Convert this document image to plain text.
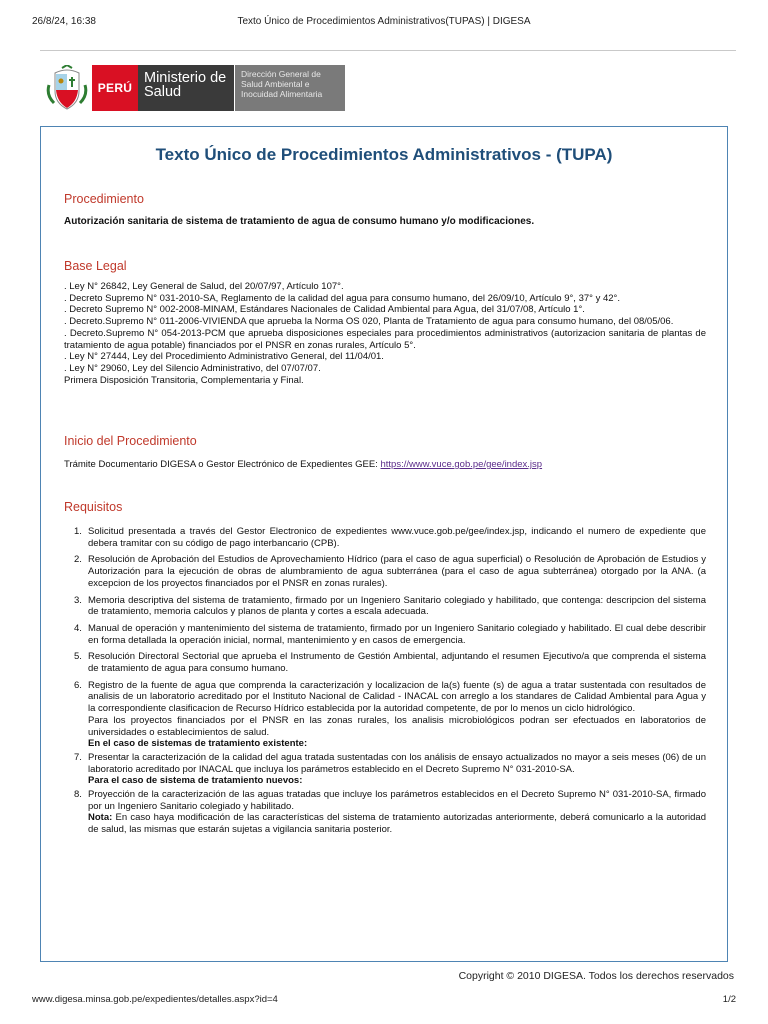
26/8/24, 16:38	Texto Único de Procedimientos Administrativos(TUPAS) | DIGESA
PERÚ
Ministerio de Salud
Dirección General de Salud Ambiental e Inocuidad Alimentaria
Texto Único de Procedimientos Administrativos - (TUPA)
Procedimiento
Autorización sanitaria de sistema de tratamiento de agua de consumo humano y/o modificaciones.
Base Legal
. Ley N° 26842, Ley General de Salud, del 20/07/97, Artículo 107°.
. Decreto Supremo N° 031-2010-SA, Reglamento de la calidad del agua para consumo humano, del 26/09/10, Artículo 9°, 37° y 42°.
. Decreto Supremo N° 002-2008-MINAM, Estándares Nacionales de Calidad Ambiental para Agua, del 31/07/08, Artículo 1°.
. Decreto.Supremo N° 011-2006-VIVIENDA que aprueba la Norma OS 020, Planta de Tratamiento de agua para consumo humano, del 08/05/06.
. Decreto.Supremo N° 054-2013-PCM que aprueba disposiciones especiales para procedimientos administrativos (autorizacion sanitaria de plantas de tratamiento de agua potable) financiados por el PNSR en zonas rurales, Artículo 5°.
. Ley N° 27444, Ley del Procedimiento Administrativo General, del 11/04/01.
. Ley N° 29060, Ley del Silencio Administrativo, del 07/07/07.
Primera Disposición Transitoria, Complementaria y Final.
Inicio del Procedimiento
Trámite Documentario DIGESA o Gestor Electrónico de Expedientes GEE: https://www.vuce.gob.pe/gee/index.jsp
Requisitos
1. Solicitud presentada a través del Gestor Electronico de expedientes www.vuce.gob.pe/gee/index.jsp, indicando el numero de expediente que debera tramitar con su código de pago interbancario (CPB).
2. Resolución de Aprobación del Estudios de Aprovechamiento Hídrico (para el caso de agua superficial) o Resolución de Aprobación de Estudios y Autorización para la ejecución de obras de alumbramiento de agua subterránea (para el caso de agua subterránea) otorgado por la ANA. (a excepcion de los proyectos financiados por el PNSR en zonas rurales).
3. Memoria descriptiva del sistema de tratamiento, firmado por un Ingeniero Sanitario colegiado y habilitado, que contenga: descripcion del sistema de tratamiento, memoria calculos y planos de planta y cortes a escala adecuada.
4. Manual de operación y mantenimiento del sistema de tratamiento, firmado por un Ingeniero Sanitario colegiado y habilitado. El cual debe describir en forma detallada la operación inicial, normal, mantenimiento y en casos de emergencia.
5. Resolución Directoral Sectorial que aprueba el Instrumento de Gestión Ambiental, adjuntando el resumen Ejecutivo/a que comprenda el sistema de tratamiento de agua para consumo humano.
6. Registro de la fuente de agua que comprenda la caracterización y localizacion de la(s) fuente (s) de agua a tratar sustentada con resultados de analisis de un laboratorio acreditado por el Instituto Nacional de Calidad - INACAL con arreglo a los standares de Calidad Ambiental para Agua y la correspondiente clasificacion de Recurso Hídrico establecida por la autoridad competente, de por lo menos un ciclo hidrológico.
Para los proyectos financiados por el PNSR en las zonas rurales, los analisis microbiológicos podran ser efectuados en laboratorios de universidades o establecimientos de salud.
En el caso de sistemas de tratamiento existente:
7. Presentar la caracterización de la calidad del agua tratada sustentadas con los análisis de ensayo actualizados no mayor a seis meses (06) de un laboratorio acreditado por INACAL que incluya los parámetros establecido en el Decreto Supremo N° 031-2010-SA.
Para el caso de sistema de tratamiento nuevos:
8. Proyección de la caracterización de las aguas tratadas que incluye los parámetros establecidos en el Decreto Supremo N° 031-2010-SA, firmado por un Ingeniero Sanitario colegiado y habilitado.
Nota: En caso haya modificación de las características del sistema de tratamiento autorizadas anteriormente, deberá comunicarlo a la autoridad de salud, las mismas que estarán sujetas a vigilancia sanitaria posterior.
Copyright © 2010 DIGESA. Todos los derechos reservados
www.digesa.minsa.gob.pe/expedientes/detalles.aspx?id=4	1/2
